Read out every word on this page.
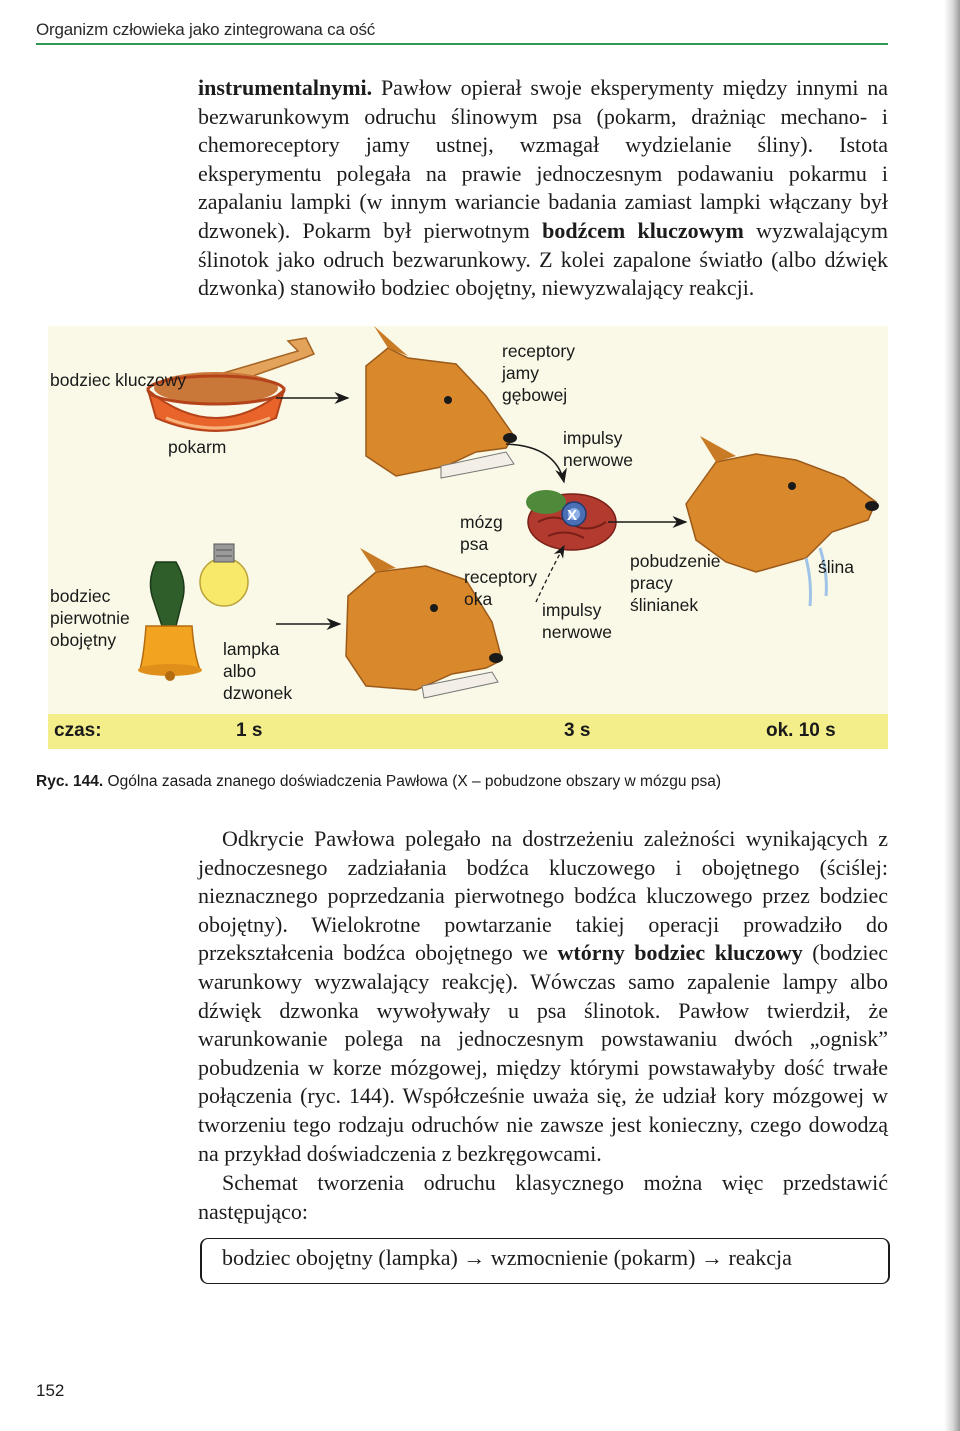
Organizm człowieka jako zintegrowana ca ość

instrumentalnymi. Pawłow opierał swoje eksperymenty między innymi na bezwarunkowym odruchu ślinowym psa (pokarm, drażniąc mechano- i chemoreceptory jamy ustnej, wzmagał wydzielanie śliny). Istota eksperymentu polegała na prawie jednoczesnym podawaniu pokarmu i zapalaniu lampki (w innym wariancie badania zamiast lampki włączany był dzwonek). Pokarm był pierwotnym bodźcem kluczowym wyzwalającym ślinotok jako odruch bezwarunkowy. Z kolei zapalone światło (albo dźwięk dzwonka) stanowiło bodziec obojętny, niewyzwalający reakcji.

bodziec kluczowy
pokarm
receptory jamy gębowej
impulsy nerwowe
mózg psa
X
bodziec pierwotnie obojętny	lampka albo dzwonek
receptory oka
impulsy nerwowe
pobudzenie pracy ślinianek
ślina
czas:	1 s	3 s	ok. 10 s
Ryc. 144. Ogólna zasada znanego doświadczenia Pawłowa (X – pobudzone obszary w mózgu psa)

Odkrycie Pawłowa polegało na dostrzeżeniu zależności wynikających z jednoczesnego zadziałania bodźca kluczowego i obojętnego (ściślej: nieznacznego poprzedzania pierwotnego bodźca kluczowego przez bodziec obojętny). Wielokrotne powtarzanie takiej operacji prowadziło do przekształcenia bodźca obojętnego we wtórny bodziec kluczowy (bodziec warunkowy wyzwalający reakcję). Wówczas samo zapalenie lampy albo dźwięk dzwonka wywoływały u psa ślinotok. Pawłow twierdził, że warunkowanie polega na jednoczesnym powstawaniu dwóch „ognisk” pobudzenia w korze mózgowej, między którymi powstawałyby dość trwałe połączenia (ryc. 144). Współcześnie uważa się, że udział kory mózgowej w tworzeniu tego rodzaju odruchów nie zawsze jest konieczny, czego dowodzą na przykład doświadczenia z bezkręgowcami.

Schemat tworzenia odruchu klasycznego można więc przedstawić następująco:

bodziec obojętny (lampka) → wzmocnienie (pokarm) → reakcja
152
